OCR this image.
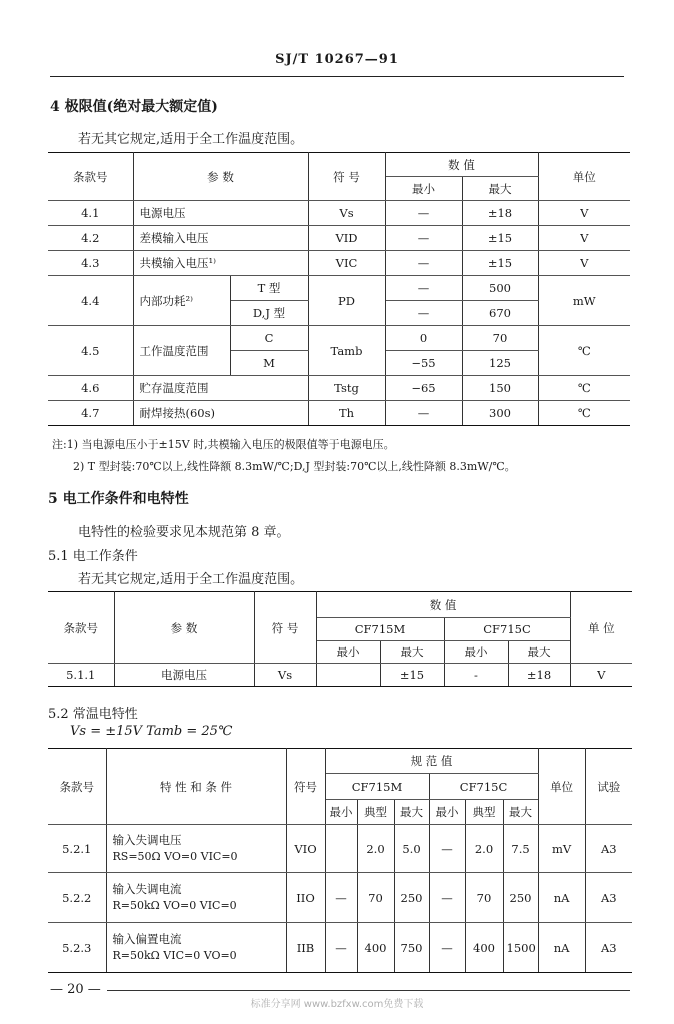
SJ/T 10267—91
4 极限值(绝对最大额定值)
若无其它规定,适用于全工作温度范围。
条款号	参 数		符 号	数 值		单位
				最小	最大	
4.1	电源电压		Vs	—	±18	V
4.2	差模输入电压		VID	—	±15	V
4.3	共模输入电压¹⁾		VIC	—	±15	V
4.4	内部功耗²⁾	T 型	PD	—	500	mW
		D,J 型		—	670	
4.5	工作温度范围	C	Tamb	0	70	℃
		M		−55	125	
4.6	贮存温度范围		Tstg	−65	150	℃
4.7	耐焊接热(60s)		Th	—	300	℃
注:1) 当电源电压小于±15V 时,共模输入电压的极限值等于电源电压。
2) T 型封装:70℃以上,线性降额 8.3mW/℃;D,J 型封装:70℃以上,线性降额 8.3mW/℃。
5 电工作条件和电特性
电特性的检验要求见本规范第 8 章。
5.1 电工作条件
若无其它规定,适用于全工作温度范围。
条款号	参 数	符 号	数 值				单 位
			CF715M		CF715C		
			最小	最大	最小	最大	
5.1.1	电源电压	Vs		±15	-	±18	V
5.2 常温电特性
Vs = ±15V Tamb = 25℃
条款号	特 性 和 条 件	符号	规 范 值						单位	试验
			CF715M			CF715C				
			最小	典型	最大	最小	典型	最大		
5.2.1	输入失调电压
RS=50Ω VO=0 VIC=0	VIO		2.0	5.0	—	2.0	7.5	mV	A3
5.2.2	输入失调电流
R=50kΩ VO=0 VIC=0	IIO	—	70	250	—	70	250	nA	A3
5.2.3	输入偏置电流
R=50kΩ VIC=0 VO=0	IIB	—	400	750	—	400	1500	nA	A3
— 20 —
标准分享网 www.bzfxw.com免费下载
